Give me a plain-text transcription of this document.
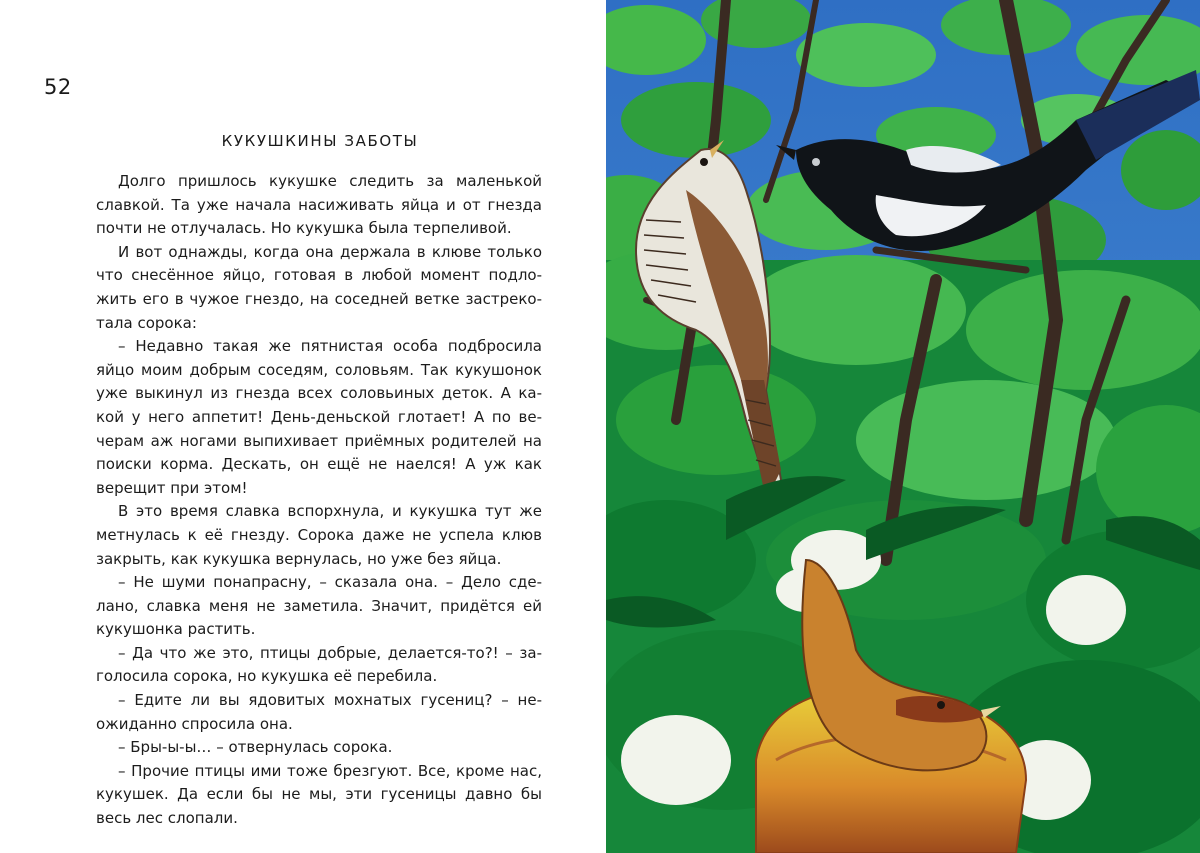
52
КУКУШКИНЫ ЗАБОТЫ
Долго пришлось кукушке следить за маленькой
славкой. Та уже начала насиживать яйца и от гнезда
почти не отлучалась. Но кукушка была терпеливой.
И вот однажды, когда она держала в клюве только
что снесённое яйцо, готовая в любой момент подло-
жить его в чужое гнездо, на соседней ветке застреко-
тала сорока:
– Недавно такая же пятнистая особа подбросила
яйцо моим добрым соседям, соловьям. Так кукушонок
уже выкинул из гнезда всех соловьиных деток. А ка-
кой у него аппетит! День-деньской глотает! А по ве-
черам аж ногами выпихивает приёмных родителей на
поиски корма. Дескать, он ещё не наелся! А уж как
верещит при этом!
В это время славка вспорхнула, и кукушка тут же
метнулась к её гнезду. Сорока даже не успела клюв
закрыть, как кукушка вернулась, но уже без яйца.
– Не шуми понапрасну, – сказала она. – Дело сде-
лано, славка меня не заметила. Значит, придётся ей
кукушонка растить.
– Да что же это, птицы добрые, делается-то?! – за-
голосила сорока, но кукушка её перебила.
– Едите ли вы ядовитых мохнатых гусениц? – не-
ожиданно спросила она.
– Бры-ы-ы… – отвернулась сорока.
– Прочие птицы ими тоже брезгуют. Все, кроме нас,
кукушек. Да если бы не мы, эти гусеницы давно бы
весь лес слопали.
